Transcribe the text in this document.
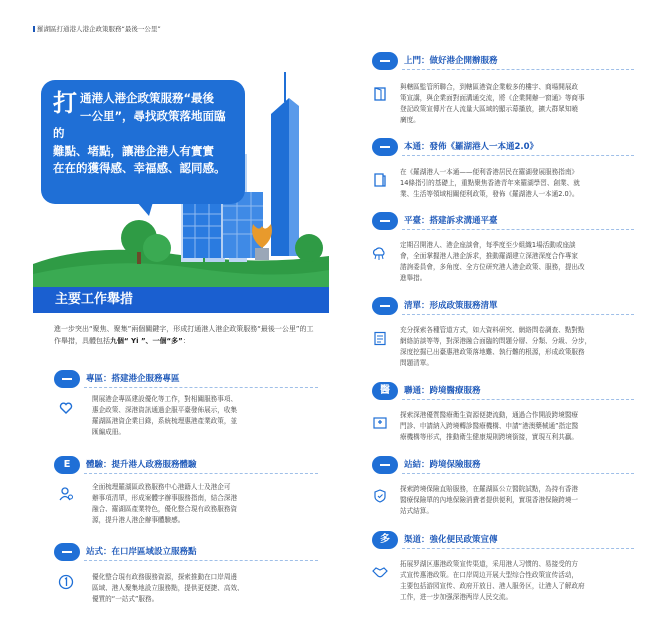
羅湖區打通港人港企政策服務“最後一公里”
打 通港人港企政策服務“最後
一公里”，尋找政策落地面臨的
難點、堵點，讓港企港人有實實
在在的獲得感、幸福感、認同感。
主要工作舉措
進一步突出“聚焦、聚集”兩個關鍵字，形成打通港人港企政策服務“最後一公里”的工作舉措，具體包括九個“ Yi ”、一個“多”：
專區：搭建港企服務專區
開展港企專區建設優化等工作，對相關服務事項、
惠企政策、深港資訊通過企服平臺發佈展示，收集
羅湖區港資企業目錄，系統梳理惠港產業政策，並
匯編成冊。
E	體驗：提升港人政務服務體驗
全面梳理羅湖區政務服務中心港籍人士及港企可
辦事項清單，形成案體字辦事服務指南，結合深港
融合、羅湖區產業特色，優化整合現有政務服務資
源，提升港人港企辦事體驗感。
站式：在口岸區域設立服務點
優化整合現有政務服務資源，探索推動在口岸周邊
區域、港人聚集地設立服務點，提供更便捷、高效、
優質的“一站式”服務。
上門：做好港企開辦服務
與轄區監管所聯合，到轄區港資企業較多的樓宇、商場開展政
策宣講，與企業面對面溝通交流，將《企業開辦一窗通》等商事
登記政策宣傳片在人流量大區域的顯示幕播放，擴大群眾知曉
廣度。
本通：發佈《羅湖港人一本通2.0》
在《羅湖港人一本通——便利香港居民在羅湖發展服務指南》
14條指引的基礎上，重點聚焦香港青年來羅湖學習、創業、就
業、生活等領域相關便利政策，發佈《羅湖港人一本通2.0》。
平臺：搭建訴求溝通平臺
定期召開港人、港企座談會，每季度至少組織1場活動或座談
會，全面掌握港人港企訴求，推動羅湖建立深港深度合作專家
諮詢委員會，多角度、全方位研究港人港企政策、服務，提出改
進舉措。
清單：形成政策服務清單
充分探索各種管道方式，如大資料研究、網絡問卷調查、點對點
網絡訪談等等，對深港融合面臨的問題分層、分類、分級、分步，
深度挖掘已出臺惠港政策落地難、執行難的根源，形成政策服務
問題清單。
醫	聯通：跨境醫療服務
探索深港優質醫療衛生資源便捷流動，通過合作開設跨境醫療
門診、申請納入跨境轉診醫療機構、申請“港澳藥械通”指定醫
療機構等形式，推動衛生健康規則跨境銜接，實現互利共贏。
站結：跨境保險服務
探索跨境保險直賠服務，在羅湖區公立醫院試點，為持有香港
醫療保險單的內地保險消費者提供便利，實現香港保險跨境一
站式結算。
多	渠道：強化便民政策宣傳
拓展罗湖区惠港政策宣传渠道，采用港人习惯的、易接受的方
式宣传惠港政策。在口岸周边开展大型综合性政策宣传活动，
主要包括游园宣传、政府开放日、港人服务区，让港人了解政府
工作，进一步加强深港两岸人民交流。
